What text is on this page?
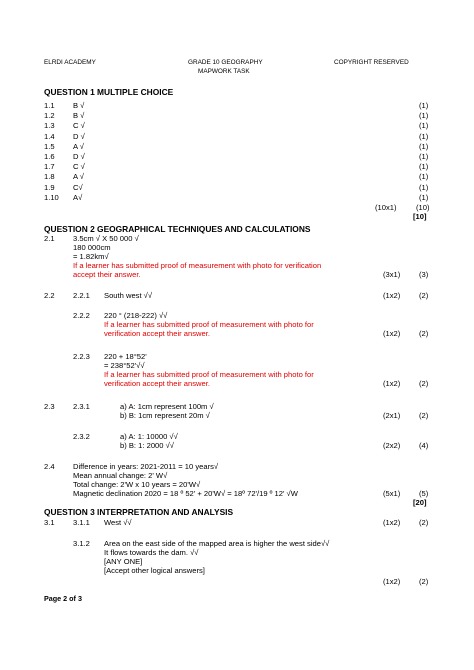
ELRDI ACADEMY	GRADE 10 GEOGRAPHY
MAPWORK TASK
COPYRIGHT RESERVED
QUESTION 1 MULTIPLE CHOICE
1.1 B √	(1)
1.2 B √	(1)
1.3 C √	(1)
1.4 D √	(1)
1.5 A √	(1)
1.6 D √	(1)
1.7 C √	(1)
1.8 A √	(1)
1.9 C√	(1)
1.10 A√	(1)
(10x1)	(10)
[10]
QUESTION 2 GEOGRAPHICAL TECHNIQUES AND CALCULATIONS
2.1 3.5cm √ X 50 000 √
180 000cm
= 1.82km√
If a learner has submitted proof of measurement with photo for verification
accept their answer.	(3x1) (3)
2.2 2.2.1 South west √√	(1x2) (2)
2.2.2 220 ° (218-222) √√
If a learner has submitted proof of measurement with photo for
verification accept their answer.	(1x2) (2)
2.2.3 220 + 18°52'
= 238°52'√√
If a learner has submitted proof of measurement with photo for
verification accept their answer.	(1x2) (2)
2.3 2.3.1	a) A: 1cm represent 100m √
b) B: 1cm represent 20m √	(2x1) (2)
2.3.2	a) A: 1: 10000 √√
b) B: 1: 2000 √√	(2x2) (4)
2.4 Difference in years: 2021-2011 = 10 years√
Mean annual change: 2' W√
Total change: 2'W x 10 years = 20'W√
Magnetic declination 2020 = 18 º 52' + 20'W√ = 18º 72'/19 º 12' √W	(5x1) (5)
[20]
QUESTION 3 INTERPRETATION AND ANALYSIS
3.1 3.1.1 West √√	(1x2) (2)
3.1.2 Area on the east side of the mapped area is higher the west side√√
It flows towards the dam. √√
[ANY ONE]
[Accept other logical answers]
(1x2) (2)
Page 2 of 3
